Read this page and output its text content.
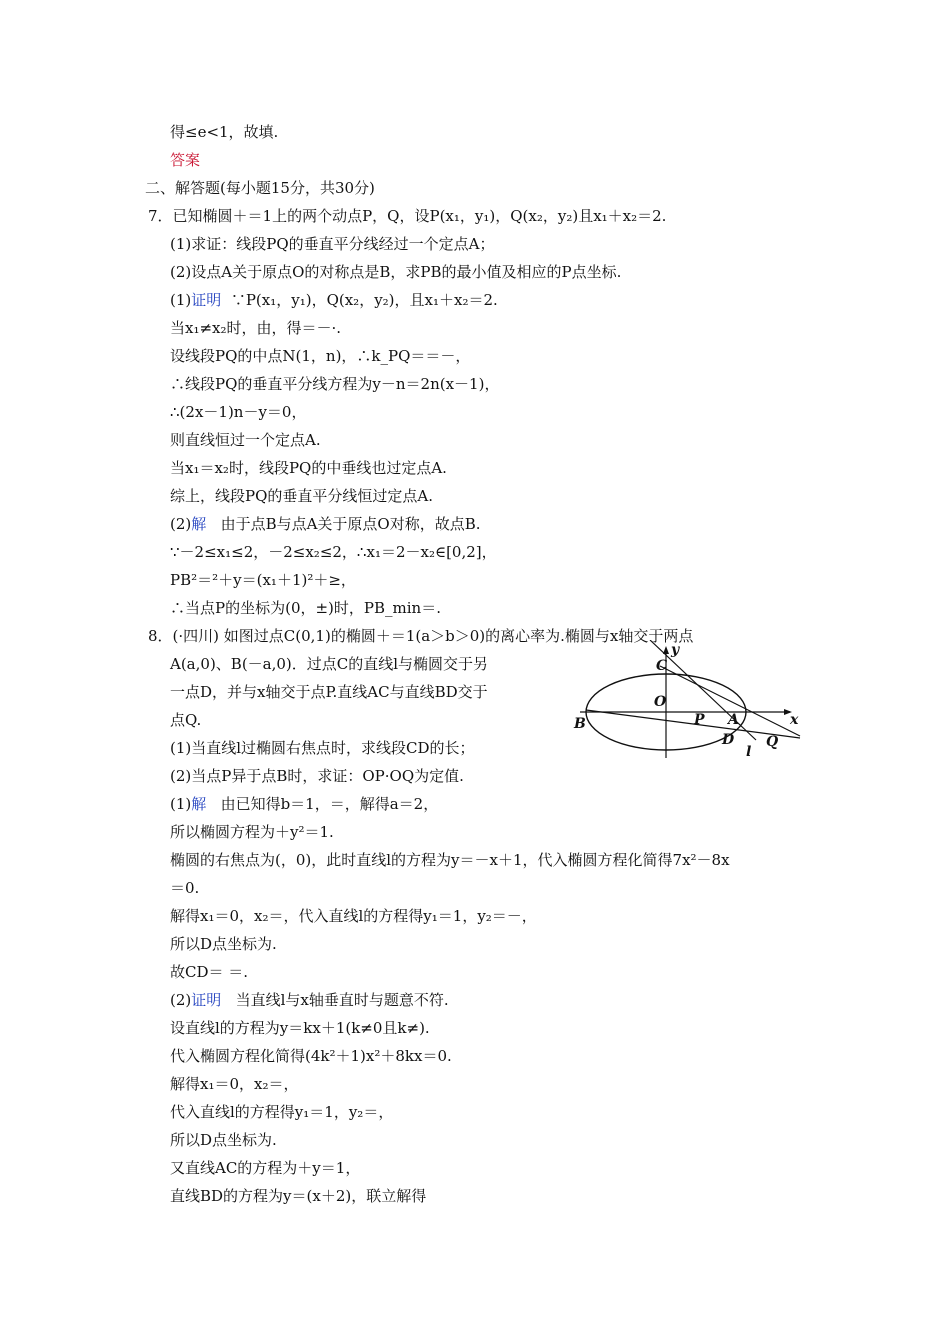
得≤e<1，故填.
答案
二、解答题(每小题15分，共30分)
7．已知椭圆＋＝1上的两个动点P，Q，设P(x₁，y₁)，Q(x₂，y₂)且x₁＋x₂＝2.
(1)求证：线段PQ的垂直平分线经过一个定点A；
(2)设点A关于原点O的对称点是B，求PB的最小值及相应的P点坐标.
(1)证明 ∵P(x₁，y₁)，Q(x₂，y₂)，且x₁＋x₂＝2.
当x₁≠x₂时，由，得＝－·.
设线段PQ的中点N(1，n)，∴k_PQ＝＝－，
∴线段PQ的垂直平分线方程为y－n＝2n(x－1)，
∴(2x－1)n－y＝0，
则直线恒过一个定点A.
当x₁＝x₂时，线段PQ的中垂线也过定点A.
综上，线段PQ的垂直平分线恒过定点A.
(2)解 由于点B与点A关于原点O对称，故点B.
∵－2≤x₁≤2，－2≤x₂≤2，∴x₁＝2－x₂∈[0,2]，
PB²＝²＋y＝(x₁＋1)²＋≥，
∴当点P的坐标为(0，±)时，PB_min＝.
8．(·四川) 如图过点C(0,1)的椭圆＋＝1(a＞b＞0)的离心率为.椭圆与x轴交于两点
A(a,0)、B(－a,0)．过点C的直线l与椭圆交于另
一点D，并与x轴交于点P.直线AC与直线BD交于
点Q.
(1)当直线l过椭圆右焦点时，求线段CD的长；
(2)当点P异于点B时，求证：OP·OQ为定值.
(1)解 由已知得b＝1，＝，解得a＝2，
所以椭圆方程为＋y²＝1.
椭圆的右焦点为(，0)，此时直线l的方程为y＝－x＋1，代入椭圆方程化简得7x²－8x
＝0.
解得x₁＝0，x₂＝，代入直线l的方程得y₁＝1，y₂＝－，
所以D点坐标为.
故CD＝ ＝.
(2)证明 当直线l与x轴垂直时与题意不符.
设直线l的方程为y＝kx＋1(k≠0且k≠).
代入椭圆方程化简得(4k²＋1)x²＋8kx＝0.
解得x₁＝0，x₂＝，
代入直线l的方程得y₁＝1，y₂＝，
所以D点坐标为.
又直线AC的方程为＋y＝1，
直线BD的方程为y＝(x＋2)，联立解得
y
C
O
B	P A	x
D Q
l
